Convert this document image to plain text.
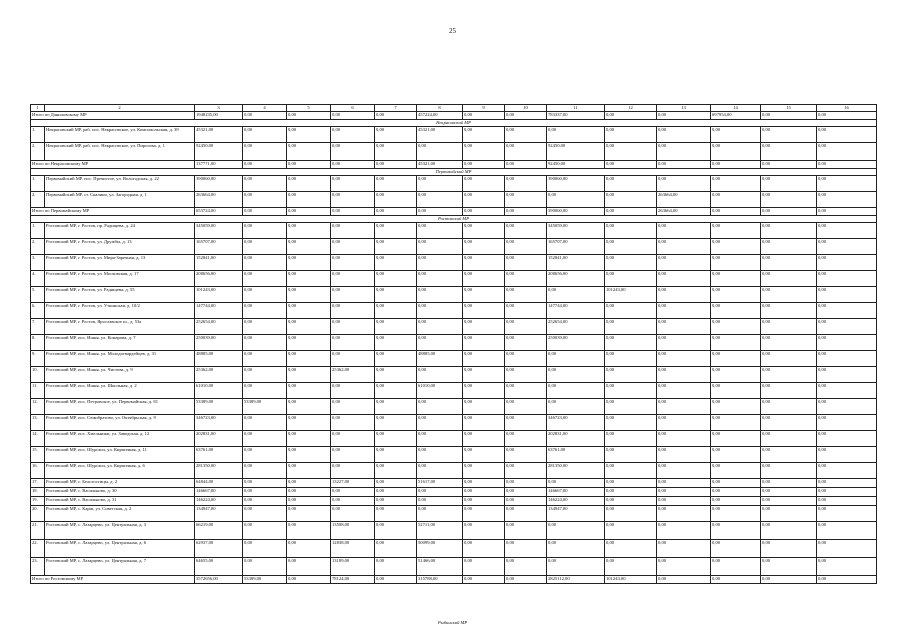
25
1	2	3	4	5	6	7	8	9	10	11	12	13	14	15	16
Итого по Даниловскому МР		1948235,00	0,00	0,00	0,00	0,00	457224,00	0,00	0,00	783337,00	0,00	0,00	697954,00	0,00	0,00
Некрасовский МР															
1.	Некрасовский МР, раб. пос. Некрасовское, ул. Комсомольская, д. 39	45321,00	0,00	0,00	0,00	0,00	45321,00	0,00	0,00	0,00	0,00	0,00	0,00	0,00	0,00
2.	Некрасовский МР, раб. пос. Некрасовское, ул. Пирогова, д. 1	92450,00	0,00	0,00	0,00	0,00	0,00	0,00	0,00	92450,00	0,00	0,00	0,00	0,00	0,00
Итого по Некрасовскому МР		137771,00	0,00	0,00	0,00	0,00	45321,00	0,00	0,00	92450,00	0,00	0,00	0,00	0,00	0,00
Первомайский МР															
1.	Первомайский МР, пос. Пречистое, ул. Вологодская, д. 22	390060,00	0,00	0,00	0,00	0,00	0,00	0,00	0,00	390060,00	0,00	0,00	0,00	0,00	0,00
2.	Первомайский МР, ст. Скалино, ул. Загородная, д. 1	263664,00	0,00	0,00	0,00	0,00	0,00	0,00	0,00	0,00	0,00	263664,00	0,00	0,00	0,00
Итого по Первомайскому МР		653724,00	0,00	0,00	0,00	0,00	0,00	0,00	0,00	390060,00	0,00	263664,00	0,00	0,00	0,00
Ростовский МР															
1.	Ростовский МР, г. Ростов, пр. Радищева, д. 24	345059,00	0,00	0,00	0,00	0,00	0,00	0,00	0,00	345059,00	0,00	0,00	0,00	0,00	0,00
2.	Ростовский МР, г. Ростов, ул. Дружбы, д. 13	165707,00	0,00	0,00	0,00	0,00	0,00	0,00	0,00	165707,00	0,00	0,00	0,00	0,00	0,00
3.	Ростовский МР, г. Ростов, ул. Мира-Заречная, д. 13	152841,00	0,00	0,00	0,00	0,00	0,00	0,00	0,00	152841,00	0,00	0,00	0,00	0,00	0,00
4.	Ростовский МР, г. Ростов, ул. Московская, д. 17	208656,00	0,00	0,00	0,00	0,00	0,00	0,00	0,00	208656,00	0,00	0,00	0,00	0,00	0,00
5.	Ростовский МР, г. Ростов, ул. Радищева, д. 55	101243,00	0,00	0,00	0,00	0,00	0,00	0,00	0,00	0,00	101243,00	0,00	0,00	0,00	0,00
6.	Ростовский МР, г. Ростов, ул. Уткинская, д. 10/2	147744,00	0,00	0,00	0,00	0,00	0,00	0,00	0,00	147744,00	0,00	0,00	0,00	0,00	0,00
7.	Ростовский МР, г. Ростов, Ярославское ш., д. 53а	252654,00	0,00	0,00	0,00	0,00	0,00	0,00	0,00	252654,00	0,00	0,00	0,00	0,00	0,00
8.	Ростовский МР, пос. Ишня, ул. Комарова, д. 7	250039,00	0,00	0,00	0,00	0,00	0,00	0,00	0,00	250039,00	0,00	0,00	0,00	0,00	0,00
9.	Ростовский МР, пос. Ишня, ул. Молодогвардейцев, д. 31	48885,00	0,00	0,00	0,00	0,00	48885,00	0,00	0,00	0,00	0,00	0,00	0,00	0,00	0,00
10.	Ростовский МР, пос. Ишня, ул. Чистова, д. 9	25362,00	0,00	0,00	25362,00	0,00	0,00	0,00	0,00	0,00	0,00	0,00	0,00	0,00	0,00
11.	Ростовский МР, пос. Ишня, ул. Школьная, д. 2	61010,00	0,00	0,00	0,00	0,00	61010,00	0,00	0,00	0,00	0,00	0,00	0,00	0,00	0,00
12.	Ростовский МР, пос. Петровское, ул. Первомайская, д. 81	53389,00	53389,00	0,00	0,00	0,00	0,00	0,00	0,00	0,00	0,00	0,00	0,00	0,00	0,00
13.	Ростовский МР, пос. Семибратово, ул. Октябрьская, д. 9	346723,00	0,00	0,00	0,00	0,00	0,00	0,00	0,00	346723,00	0,00	0,00	0,00	0,00	0,00
14.	Ростовский МР, пос. Хмельники, ул. Заводская, д. 12	202831,00	0,00	0,00	0,00	0,00	0,00	0,00	0,00	202831,00	0,00	0,00	0,00	0,00	0,00
15.	Ростовский МР, пос. Шурскол, ул. Кирпичная, д. 11	63761,00	0,00	0,00	0,00	0,00	0,00	0,00	0,00	63761,00	0,00	0,00	0,00	0,00	0,00
16.	Ростовский МР, пос. Шурскол, ул. Кирпичная, д. 6	281350,00	0,00	0,00	0,00	0,00	0,00	0,00	0,00	281350,00	0,00	0,00	0,00	0,00	0,00
17.	Ростовский МР, с. Белогостицы, д. 2	64844,00	0,00	0,00	13227,00	0,00	51617,00	0,00	0,00	0,00	0,00	0,00	0,00	0,00	0,00
18.	Ростовский МР, с. Васильково, д. 30	146667,00	0,00	0,00	0,00	0,00	0,00	0,00	0,00	146667,00	0,00	0,00	0,00	0,00	0,00
19.	Ростовский МР, с. Васильково, д. 31	146224,00	0,00	0,00	0,00	0,00	0,00	0,00	0,00	146224,00	0,00	0,00	0,00	0,00	0,00
20.	Ростовский МР, с. Карш, ул. Советская, д. 2	134947,00	0,00	0,00	0,00	0,00	0,00	0,00	0,00	134947,00	0,00	0,00	0,00	0,00	0,00
21.	Ростовский МР, с. Лазарцево, ул. Центральная, д. 3	66219,00	0,00	0,00	13508,00	0,00	52711,00	0,00	0,00	0,00	0,00	0,00	0,00	0,00	0,00
22.	Ростовский МР, с. Лазарцево, ул. Центральная, д. 6	62937,00	0,00	0,00	12838,00	0,00	50099,00	0,00	0,00	0,00	0,00	0,00	0,00	0,00	0,00
23.	Ростовский МР, с. Лазарцево, ул. Центральная, д. 7	64655,00	0,00	0,00	13189,00	0,00	51466,00	0,00	0,00	0,00	0,00	0,00	0,00	0,00	0,00
Итого по Ростовскому МР		3572656,00	53389,00	0,00	78124,00	0,00	315788,00	0,00	0,00	2825112,00	101243,00	0,00	0,00	0,00	0,00
Рыбинский МР
